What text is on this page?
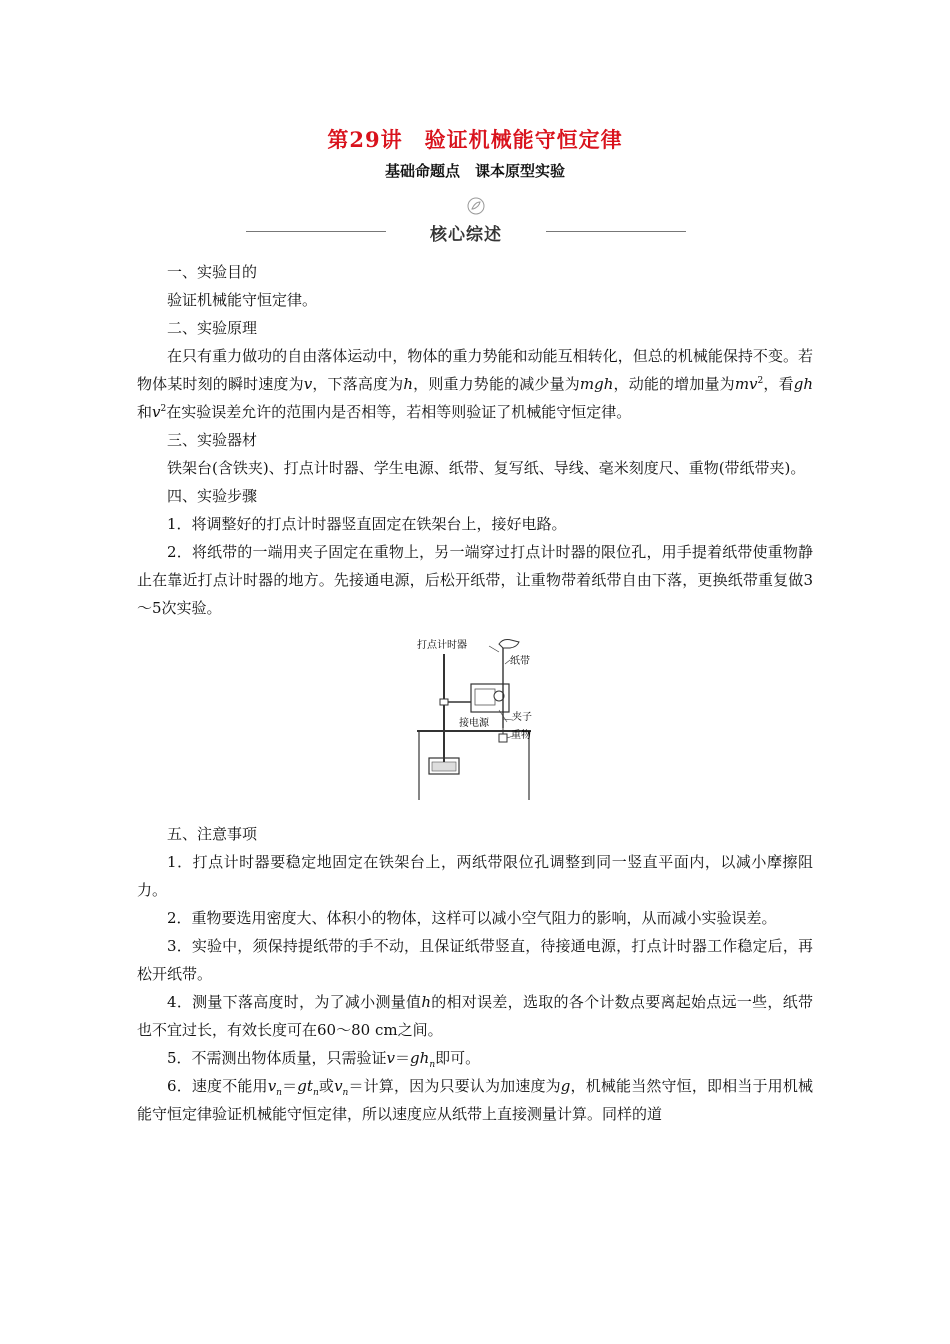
第29讲　验证机械能守恒定律
基础命题点　课本原型实验
核心综述

一、实验目的

验证机械能守恒定律。

二、实验原理

在只有重力做功的自由落体运动中，物体的重力势能和动能互相转化，但总的机械能保持不变。若物体某时刻的瞬时速度为v，下落高度为h，则重力势能的减少量为mgh，动能的增加量为$mv^2$，看gh和$v^2$在实验误差允许的范围内是否相等，若相等则验证了机械能守恒定律。

三、实验器材

铁架台(含铁夹)、打点计时器、学生电源、纸带、复写纸、导线、毫米刻度尺、重物(带纸带夹)。

四、实验步骤

1．将调整好的打点计时器竖直固定在铁架台上，接好电路。

2．将纸带的一端用夹子固定在重物上，另一端穿过打点计时器的限位孔，用手提着纸带使重物静止在靠近打点计时器的地方。先接通电源，后松开纸带，让重物带着纸带自由下落，更换纸带重复做3～5次实验。

打点计时器
纸带
接电源
夹子
重物

五、注意事项

1．打点计时器要稳定地固定在铁架台上，两纸带限位孔调整到同一竖直平面内，以减小摩擦阻力。

2．重物要选用密度大、体积小的物体，这样可以减小空气阻力的影响，从而减小实验误差。

3．实验中，须保持提纸带的手不动，且保证纸带竖直，待接通电源，打点计时器工作稳定后，再松开纸带。

4．测量下落高度时，为了减小测量值h的相对误差，选取的各个计数点要离起始点远一些，纸带也不宜过长，有效长度可在60～80 cm之间。

5．不需测出物体质量，只需验证$v=gh_n$即可。

6．速度不能用$v_n=gt_n$或$v_n=$计算，因为只要认为加速度为g，机械能当然守恒，即相当于用机械能守恒定律验证机械能守恒定律，所以速度应从纸带上直接测量计算。同样的道
